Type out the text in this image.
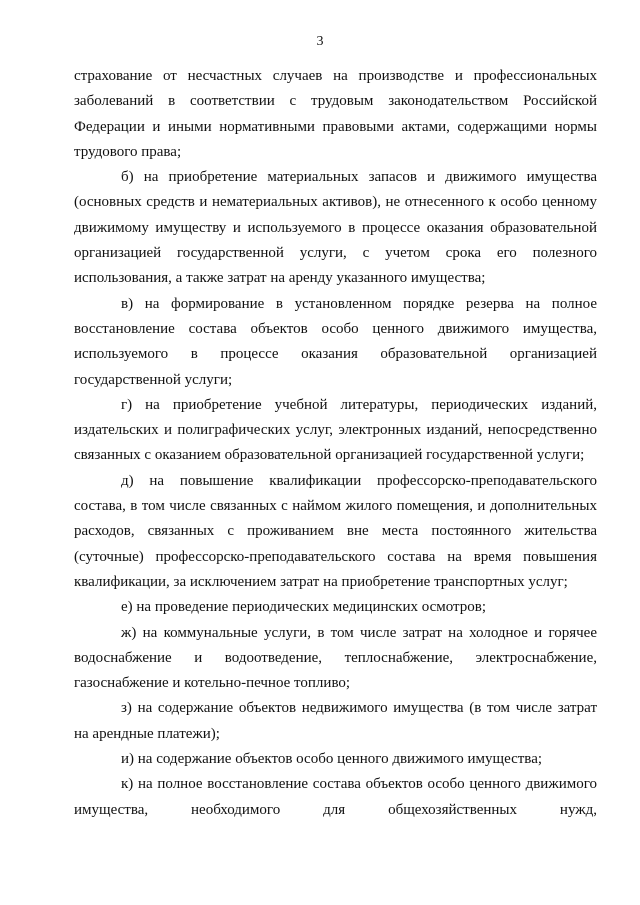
3

страхование от несчастных случаев на производстве и профессиональных заболеваний в соответствии с трудовым законодательством Российской Федерации и иными нормативными правовыми актами, содержащими нормы трудового права;

б) на приобретение материальных запасов и движимого имущества (основных средств и нематериальных активов), не отнесенного к особо ценному движимому имуществу и используемого в процессе оказания образовательной организацией государственной услуги, с учетом срока его полезного использования, а также затрат на аренду указанного имущества;

в) на формирование в установленном порядке резерва на полное восстановление состава объектов особо ценного движимого имущества, используемого в процессе оказания образовательной организацией государственной услуги;

г) на приобретение учебной литературы, периодических изданий, издательских и полиграфических услуг, электронных изданий, непосредственно связанных с оказанием образовательной организацией государственной услуги;

д) на повышение квалификации профессорско-преподавательского состава, в том числе связанных с наймом жилого помещения, и дополнительных расходов, связанных с проживанием вне места постоянного жительства (суточные) профессорско-преподавательского состава на время повышения квалификации, за исключением затрат на приобретение транспортных услуг;

е) на проведение периодических медицинских осмотров;

ж) на коммунальные услуги, в том числе затрат на холодное и горячее водоснабжение и водоотведение, теплоснабжение, электроснабжение, газоснабжение и котельно-печное топливо;

з) на содержание объектов недвижимого имущества (в том числе затрат на арендные платежи);

и) на содержание объектов особо ценного движимого имущества;

к) на полное восстановление состава объектов особо ценного движимого имущества, необходимого для общехозяйственных нужд,
